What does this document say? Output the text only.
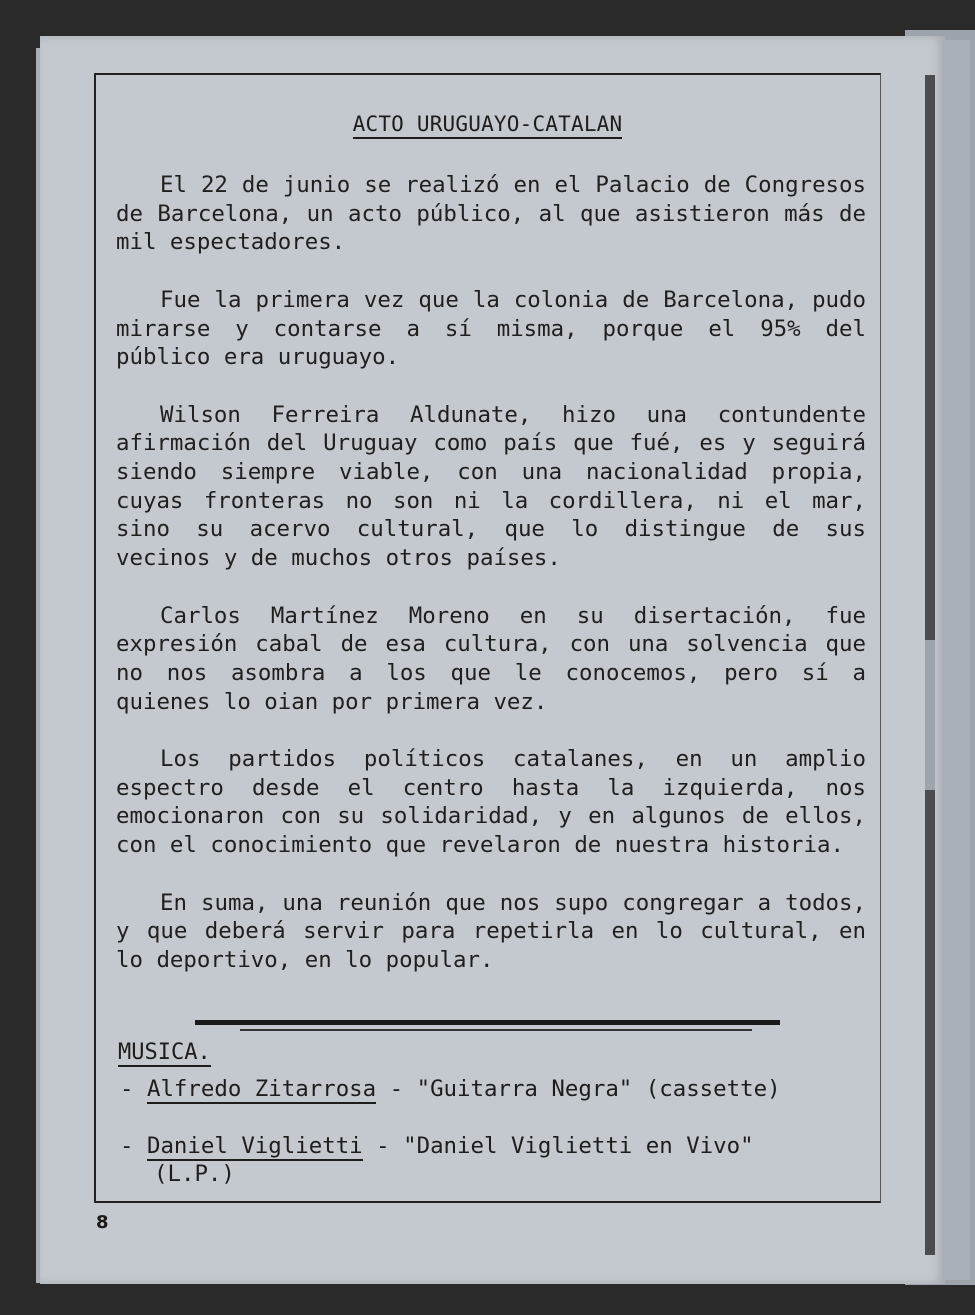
ACTO URUGUAYO-CATALAN

El 22 de junio se realizó en el Palacio de Congresos de Barcelona, un acto público, al que asistieron más de mil espectadores.

Fue la primera vez que la colonia de Barcelona, pudo mirarse y contarse a sí misma, porque el 95% del público era uruguayo.

Wilson Ferreira Aldunate, hizo una contundente afirmación del Uruguay como país que fué, es y seguirá siendo siempre viable, con una nacionalidad propia, cuyas fronteras no son ni la cordillera, ni el mar, sino su acervo cultural, que lo distingue de sus vecinos y de muchos otros países.

Carlos Martínez Moreno en su disertación, fue expresión cabal de esa cultura, con una solvencia que no nos asombra a los que le conocemos, pero sí a quienes lo oian por primera vez.

Los partidos políticos catalanes, en un amplio espectro desde el centro hasta la izquierda, nos emocionaron con su solidaridad, y en algunos de ellos, con el conocimiento que revelaron de nuestra historia.

En suma, una reunión que nos supo congregar a todos, y que deberá servir para repetirla en lo cultural, en lo deportivo, en lo popular.

MUSICA.
- Alfredo Zitarrosa - "Guitarra Negra" (cassette)
- Daniel Viglietti - "Daniel Viglietti en Vivo"
(L.P.)
8
